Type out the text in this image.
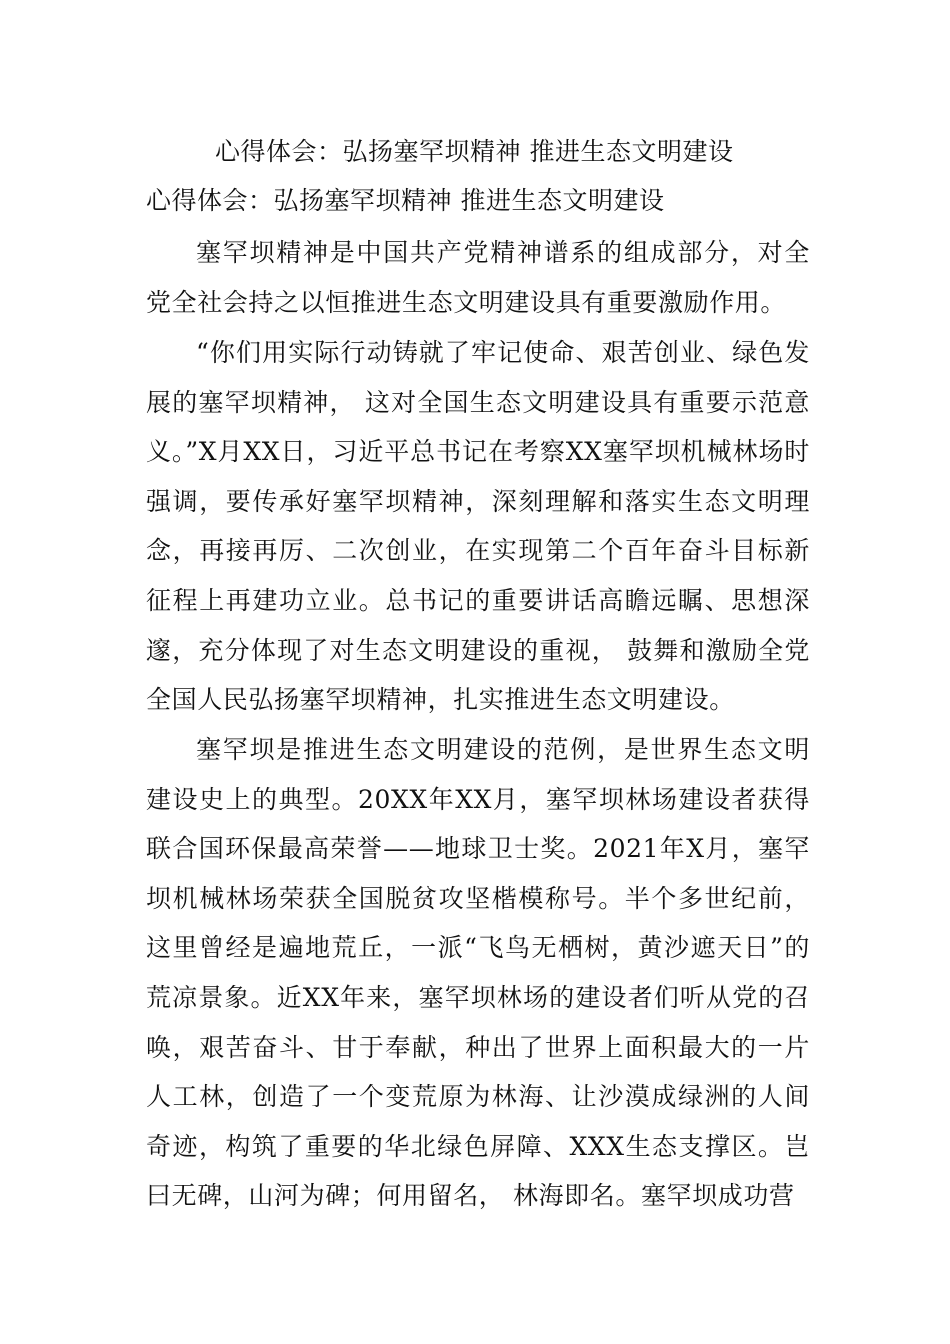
心得体会：弘扬塞罕坝精神 推进生态文明建设
心得体会：弘扬塞罕坝精神 推进生态文明建设

塞罕坝精神是中国共产党精神谱系的组成部分，对全党全社会持之以恒推进生态文明建设具有重要激励作用。

“你们用实际行动铸就了牢记使命、艰苦创业、绿色发展的塞罕坝精神， 这对全国生态文明建设具有重要示范意义。”X月XX日，习近平总书记在考察XX塞罕坝机械林场时强调，要传承好塞罕坝精神，深刻理解和落实生态文明理念，再接再厉、二次创业，在实现第二个百年奋斗目标新征程上再建功立业。总书记的重要讲话高瞻远瞩、思想深邃，充分体现了对生态文明建设的重视， 鼓舞和激励全党全国人民弘扬塞罕坝精神，扎实推进生态文明建设。

塞罕坝是推进生态文明建设的范例，是世界生态文明建设史上的典型。20XX年XX月，塞罕坝林场建设者获得联合国环保最高荣誉——地球卫士奖。2021年X月，塞罕坝机械林场荣获全国脱贫攻坚楷模称号。半个多世纪前，这里曾经是遍地荒丘，一派“飞鸟无栖树，黄沙遮天日”的荒凉景象。近XX年来，塞罕坝林场的建设者们听从党的召唤，艰苦奋斗、甘于奉献，种出了世界上面积最大的一片人工林，创造了一个变荒原为林海、让沙漠成绿洲的人间奇迹，构筑了重要的华北绿色屏障、XXX生态支撑区。岂曰无碑，山河为碑；何用留名， 林海即名。塞罕坝成功营
